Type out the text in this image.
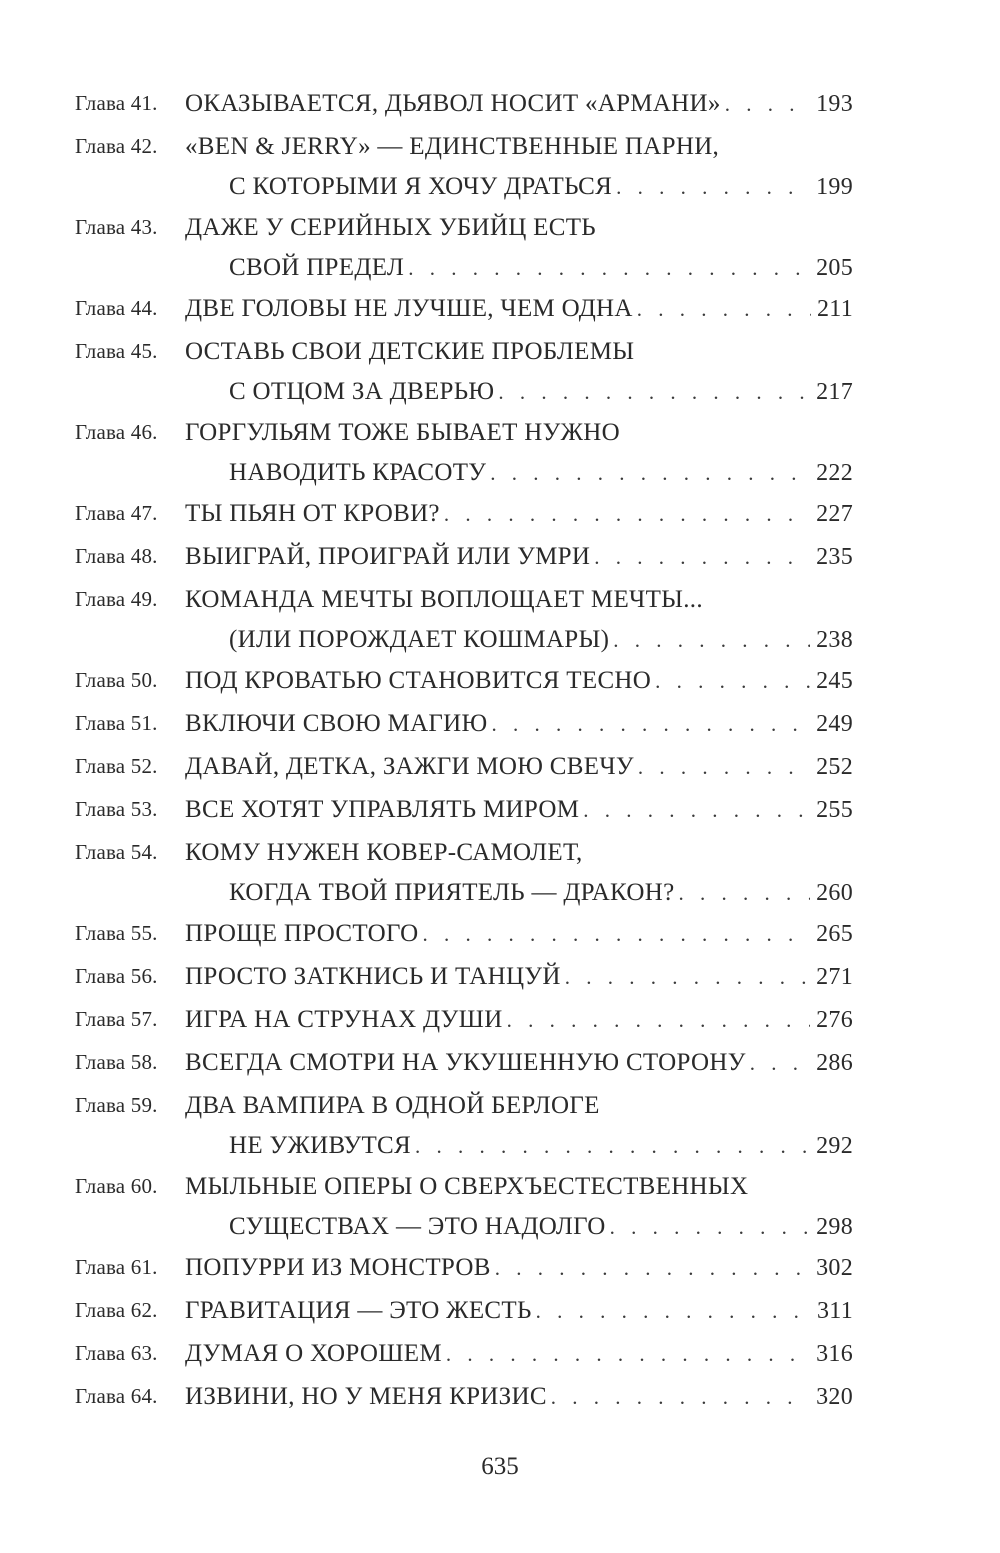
Глава 41.	ОКАЗЫВАЕТСЯ, ДЬЯВОЛ НОСИТ «АРМАНИ» . . .	193
Глава 42.	«BEN & JERRY» — ЕДИНСТВЕННЫЕ ПАРНИ,
С КОТОРЫМИ Я ХОЧУ ДРАТЬСЯ . . .	199
Глава 43.	ДАЖЕ У СЕРИЙНЫХ УБИЙЦ ЕСТЬ
СВОЙ ПРЕДЕЛ . . .	205
Глава 44.	ДВЕ ГОЛОВЫ НЕ ЛУЧШЕ, ЧЕМ ОДНА . . .	211
Глава 45.	ОСТАВЬ СВОИ ДЕТСКИЕ ПРОБЛЕМЫ
С ОТЦОМ ЗА ДВЕРЬЮ . . .	217
Глава 46.	ГОРГУЛЬЯМ ТОЖЕ БЫВАЕТ НУЖНО
НАВОДИТЬ КРАСОТУ . . .	222
Глава 47.	ТЫ ПЬЯН ОТ КРОВИ? . . .	227
Глава 48.	ВЫИГРАЙ, ПРОИГРАЙ ИЛИ УМРИ . . .	235
Глава 49.	КОМАНДА МЕЧТЫ ВОПЛОЩАЕТ МЕЧТЫ...
(ИЛИ ПОРОЖДАЕТ КОШМАРЫ) . . .	238
Глава 50.	ПОД КРОВАТЬЮ СТАНОВИТСЯ ТЕСНО . . .	245
Глава 51.	ВКЛЮЧИ СВОЮ МАГИЮ . . .	249
Глава 52.	ДАВАЙ, ДЕТКА, ЗАЖГИ МОЮ СВЕЧУ . . .	252
Глава 53.	ВСЕ ХОТЯТ УПРАВЛЯТЬ МИРОМ . . .	255
Глава 54.	КОМУ НУЖЕН КОВЕР-САМОЛЕТ,
КОГДА ТВОЙ ПРИЯТЕЛЬ — ДРАКОН? . . .	260
Глава 55.	ПРОЩЕ ПРОСТОГО . . .	265
Глава 56.	ПРОСТО ЗАТКНИСЬ И ТАНЦУЙ . . .	271
Глава 57.	ИГРА НА СТРУНАХ ДУШИ . . .	276
Глава 58.	ВСЕГДА СМОТРИ НА УКУШЕННУЮ СТОРОНУ . . .	286
Глава 59.	ДВА ВАМПИРА В ОДНОЙ БЕРЛОГЕ
НЕ УЖИВУТСЯ . . .	292
Глава 60.	МЫЛЬНЫЕ ОПЕРЫ О СВЕРХЪЕСТЕСТВЕННЫХ
СУЩЕСТВАХ — ЭТО НАДОЛГО . . .	298
Глава 61.	ПОПУРРИ ИЗ МОНСТРОВ . . .	302
Глава 62.	ГРАВИТАЦИЯ — ЭТО ЖЕСТЬ . . .	311
Глава 63.	ДУМАЯ О ХОРОШЕМ . . .	316
Глава 64.	ИЗВИНИ, НО У МЕНЯ КРИЗИС . . .	320
635
